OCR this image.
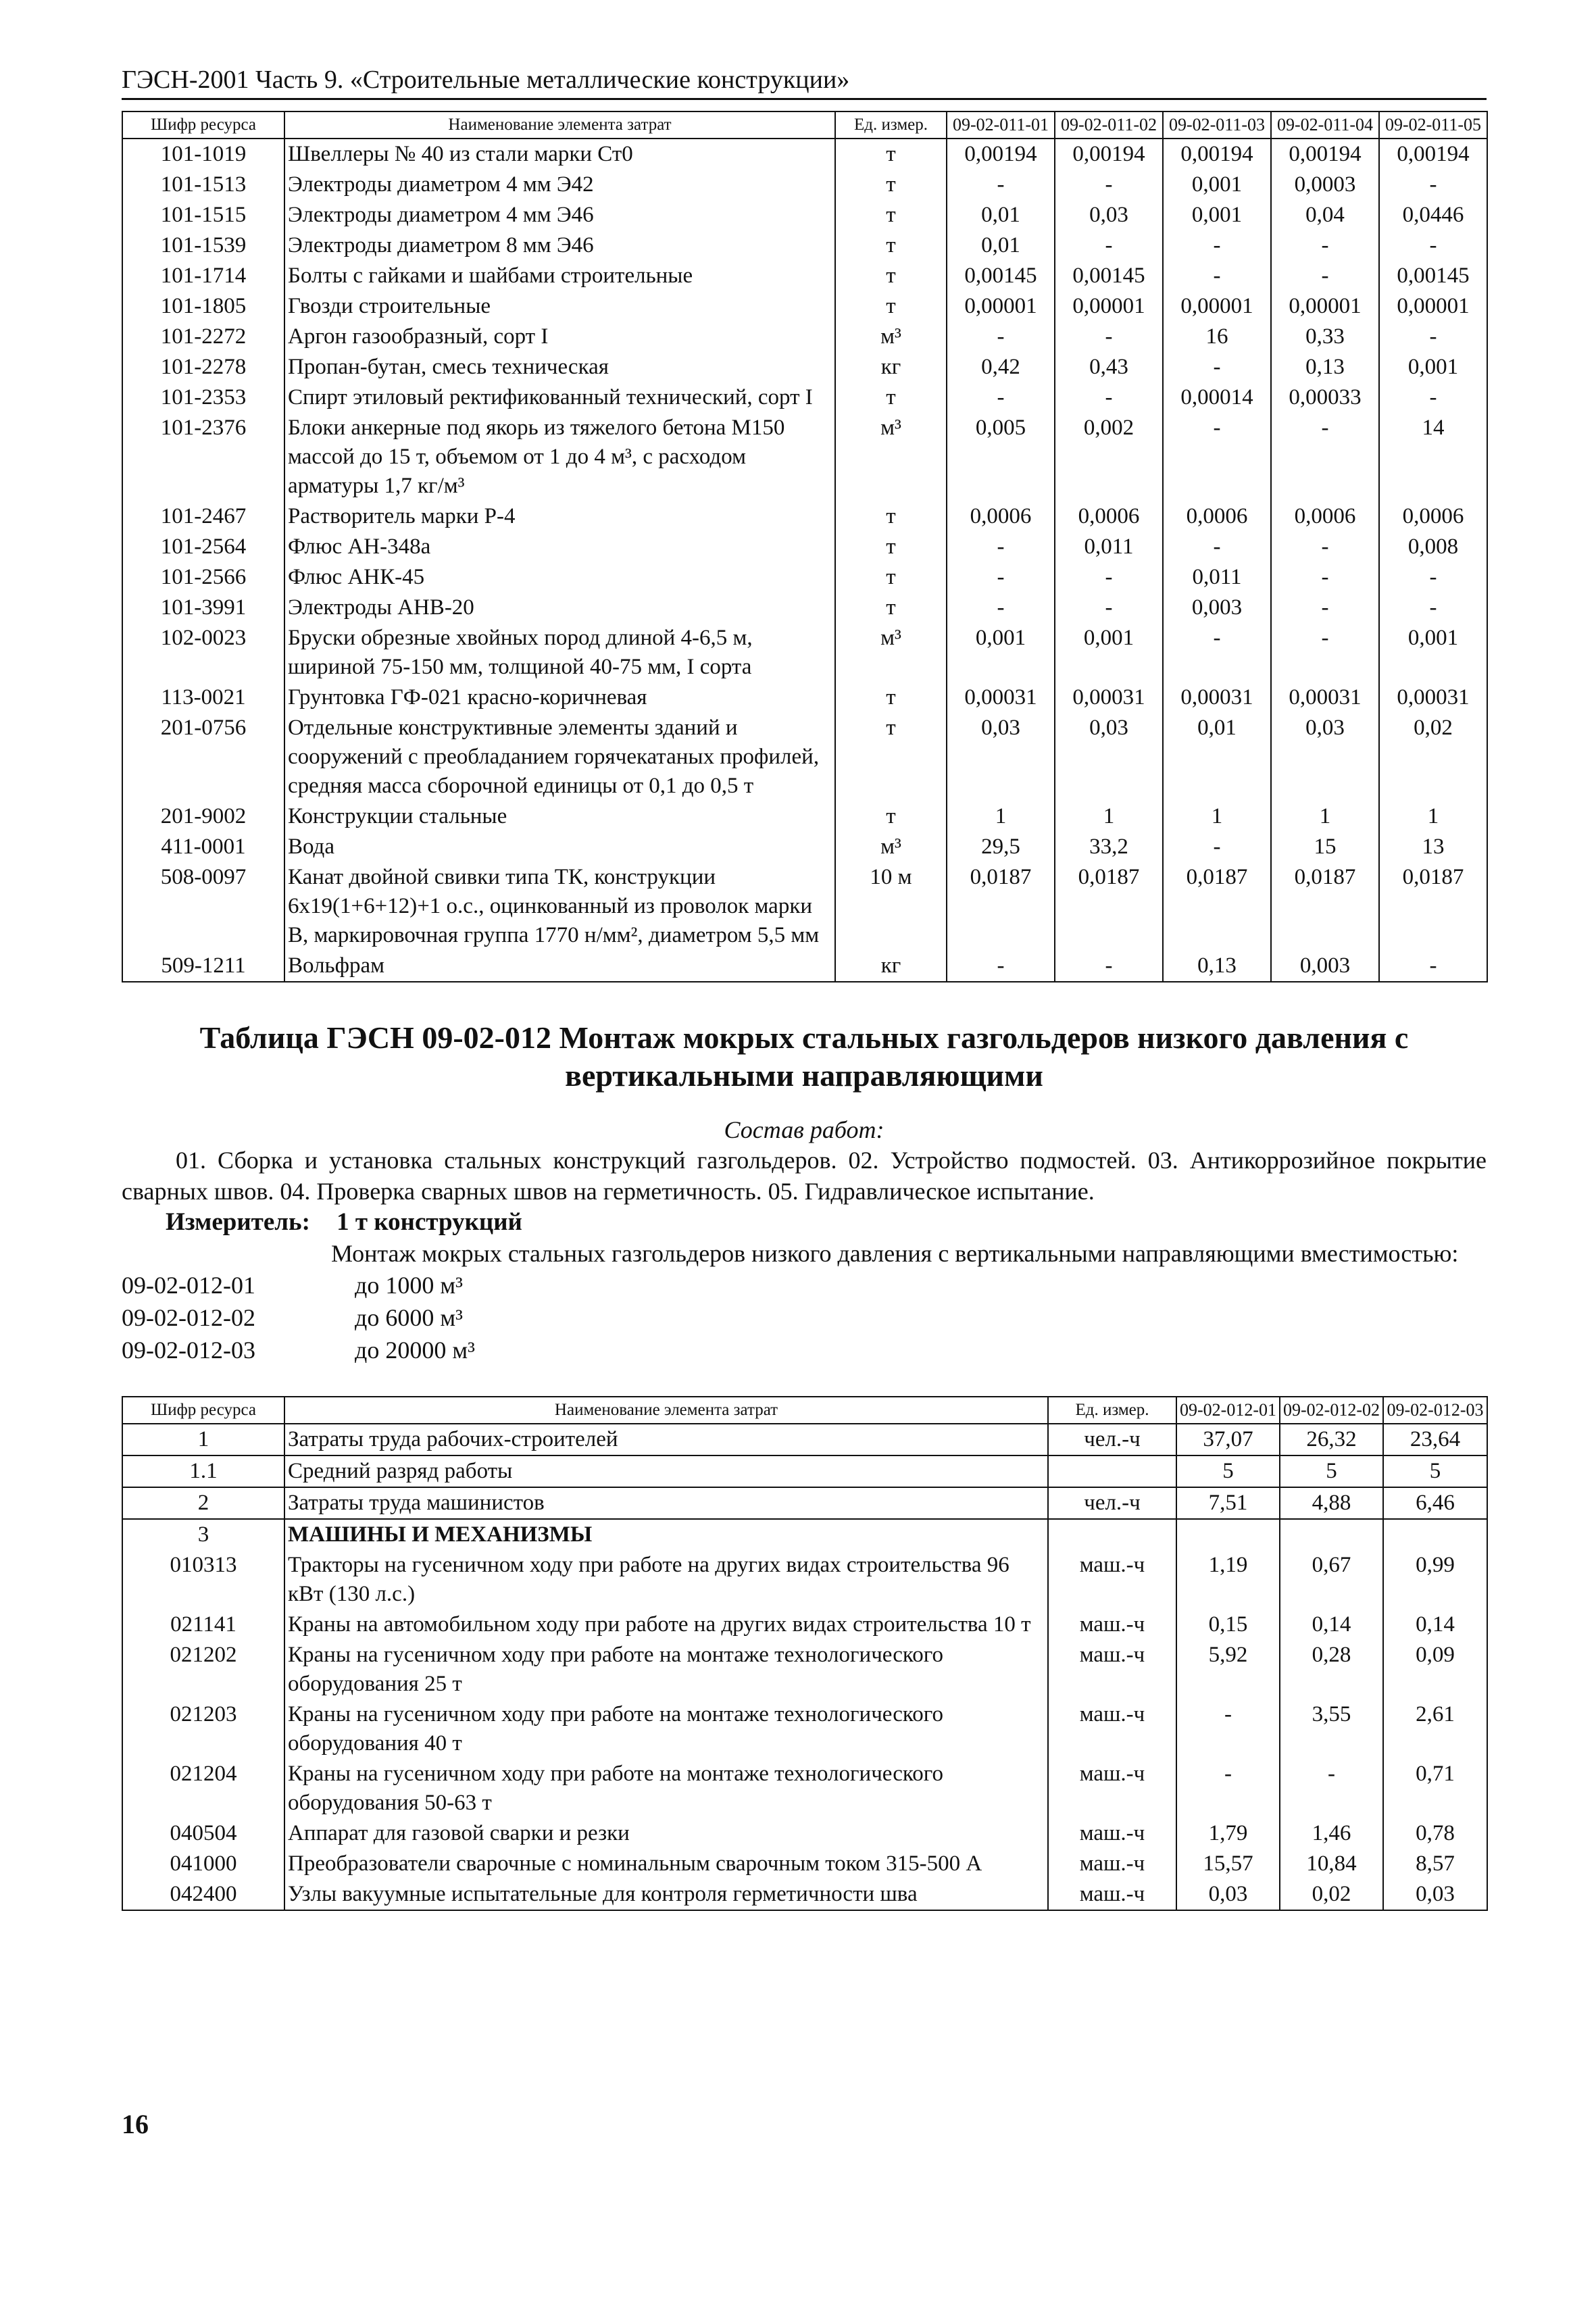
ГЭСН-2001 Часть 9. «Строительные металлические конструкции»
Шифр ресурса	Наименование элемента затрат	Ед. измер.	09-02-011-01	09-02-011-02	09-02-011-03	09-02-011-04	09-02-011-05
101-1019	Швеллеры № 40 из стали марки Ст0	т	0,00194	0,00194	0,00194	0,00194	0,00194
101-1513	Электроды диаметром 4 мм Э42	т	-	-	0,001	0,0003	-
101-1515	Электроды диаметром 4 мм Э46	т	0,01	0,03	0,001	0,04	0,0446
101-1539	Электроды диаметром 8 мм Э46	т	0,01	-	-	-	-
101-1714	Болты с гайками и шайбами строительные	т	0,00145	0,00145	-	-	0,00145
101-1805	Гвозди строительные	т	0,00001	0,00001	0,00001	0,00001	0,00001
101-2272	Аргон газообразный, сорт I	м³	-	-	16	0,33	-
101-2278	Пропан-бутан, смесь техническая	кг	0,42	0,43	-	0,13	0,001
101-2353	Спирт этиловый ректификованный технический, сорт I	т	-	-	0,00014	0,00033	-
101-2376	Блоки анкерные под якорь из тяжелого бетона М150 массой до 15 т, объемом от 1 до 4 м³, с расходом арматуры 1,7 кг/м³	м³	0,005	0,002	-	-	14
101-2467	Растворитель марки Р-4	т	0,0006	0,0006	0,0006	0,0006	0,0006
101-2564	Флюс АН-348а	т	-	0,011	-	-	0,008
101-2566	Флюс АНК-45	т	-	-	0,011	-	-
101-3991	Электроды АНВ-20	т	-	-	0,003	-	-
102-0023	Бруски обрезные хвойных пород длиной 4-6,5 м, шириной 75-150 мм, толщиной 40-75 мм, I сорта	м³	0,001	0,001	-	-	0,001
113-0021	Грунтовка ГФ-021 красно-коричневая	т	0,00031	0,00031	0,00031	0,00031	0,00031
201-0756	Отдельные конструктивные элементы зданий и сооружений с преобладанием горячекатаных профилей, средняя масса сборочной единицы от 0,1 до 0,5 т	т	0,03	0,03	0,01	0,03	0,02
201-9002	Конструкции стальные	т	1	1	1	1	1
411-0001	Вода	м³	29,5	33,2	-	15	13
508-0097	Канат двойной свивки типа ТК, конструкции 6х19(1+6+12)+1 о.с., оцинкованный из проволок марки В, маркировочная группа 1770 н/мм², диаметром 5,5 мм	10 м	0,0187	0,0187	0,0187	0,0187	0,0187
509-1211	Вольфрам	кг	-	-	0,13	0,003	-
Таблица ГЭСН 09-02-012 Монтаж мокрых стальных газгольдеров низкого давления с вертикальными направляющими
Состав работ:
01. Сборка и установка стальных конструкций газгольдеров. 02. Устройство подмостей. 03. Антикоррозийное покрытие сварных швов. 04. Проверка сварных швов на герметичность. 05. Гидравлическое испытание.
Измеритель: 1 т конструкций
Монтаж мокрых стальных газгольдеров низкого давления с вертикальными направляющими вместимостью:
09-02-012-01	до 1000 м³
09-02-012-02	до 6000 м³
09-02-012-03	до 20000 м³
Шифр ресурса	Наименование элемента затрат	Ед. измер.	09-02-012-01	09-02-012-02	09-02-012-03
1	Затраты труда рабочих-строителей	чел.-ч	37,07	26,32	23,64
1.1	Средний разряд работы		5	5	5
2	Затраты труда машинистов	чел.-ч	7,51	4,88	6,46
3	МАШИНЫ И МЕХАНИЗМЫ				
010313	Тракторы на гусеничном ходу при работе на других видах строительства 96 кВт (130 л.с.)	маш.-ч	1,19	0,67	0,99
021141	Краны на автомобильном ходу при работе на других видах строительства 10 т	маш.-ч	0,15	0,14	0,14
021202	Краны на гусеничном ходу при работе на монтаже технологического оборудования 25 т	маш.-ч	5,92	0,28	0,09
021203	Краны на гусеничном ходу при работе на монтаже технологического оборудования 40 т	маш.-ч	-	3,55	2,61
021204	Краны на гусеничном ходу при работе на монтаже технологического оборудования 50-63 т	маш.-ч	-	-	0,71
040504	Аппарат для газовой сварки и резки	маш.-ч	1,79	1,46	0,78
041000	Преобразователи сварочные с номинальным сварочным током 315-500 А	маш.-ч	15,57	10,84	8,57
042400	Узлы вакуумные испытательные для контроля герметичности шва	маш.-ч	0,03	0,02	0,03
16
